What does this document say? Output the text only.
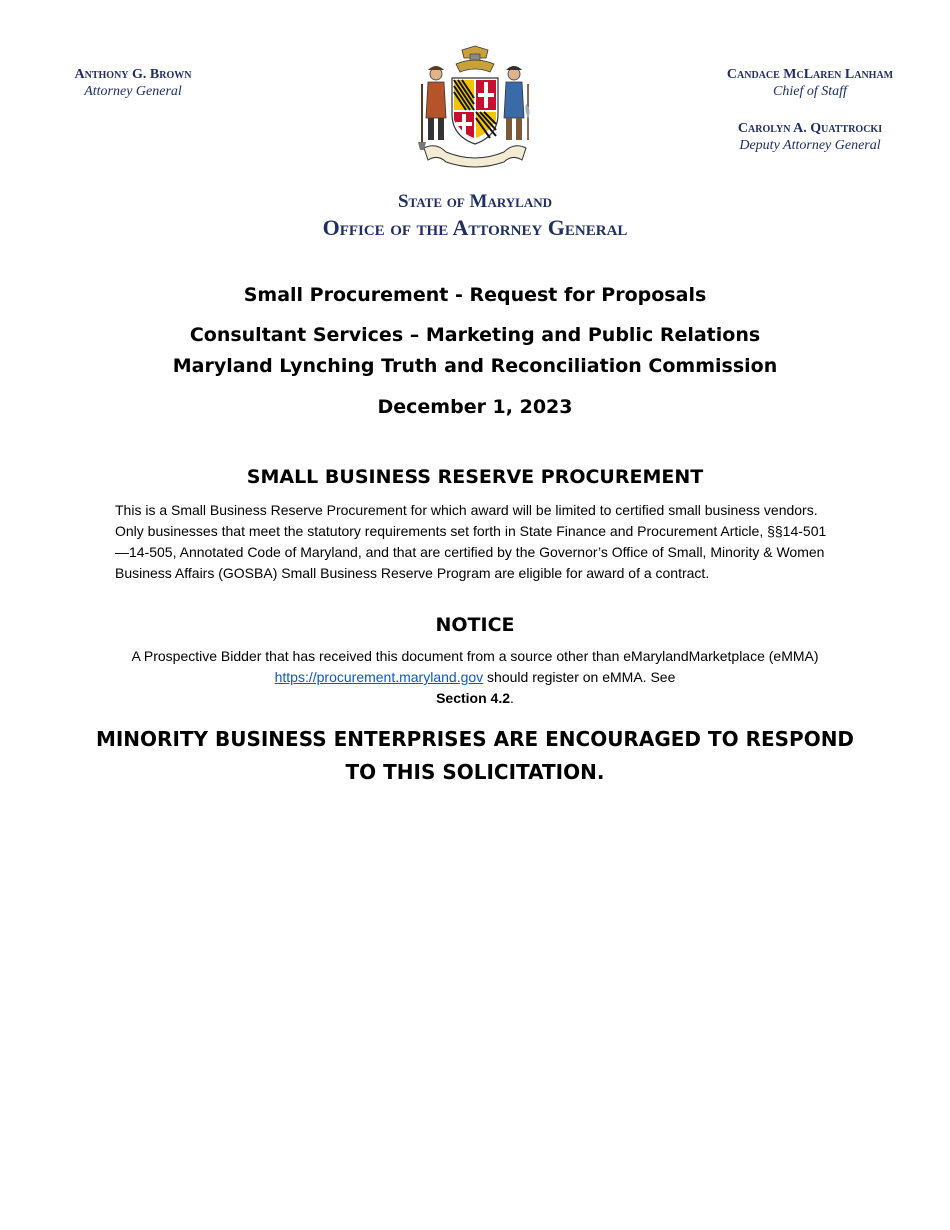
Anthony G. Brown
Attorney General
Candace McLaren Lanham
Chief of Staff
Carolyn A. Quattrocki
Deputy Attorney General
State of Maryland
Office of the Attorney General
Small Procurement - Request for Proposals
Consultant Services – Marketing and Public Relations
Maryland Lynching Truth and Reconciliation Commission
December 1, 2023
SMALL BUSINESS RESERVE PROCUREMENT
This is a Small Business Reserve Procurement for which award will be limited to certified small business vendors. Only businesses that meet the statutory requirements set forth in State Finance and Procurement Article, §§14-501 —14-505, Annotated Code of Maryland, and that are certified by the Governor’s Office of Small, Minority & Women Business Affairs (GOSBA) Small Business Reserve Program are eligible for award of a contract.
NOTICE
A Prospective Bidder that has received this document from a source other than eMarylandMarketplace (eMMA) https://procurement.maryland.gov should register on eMMA. See
Section 4.2.
MINORITY BUSINESS ENTERPRISES ARE ENCOURAGED TO RESPOND
TO THIS SOLICITATION.
